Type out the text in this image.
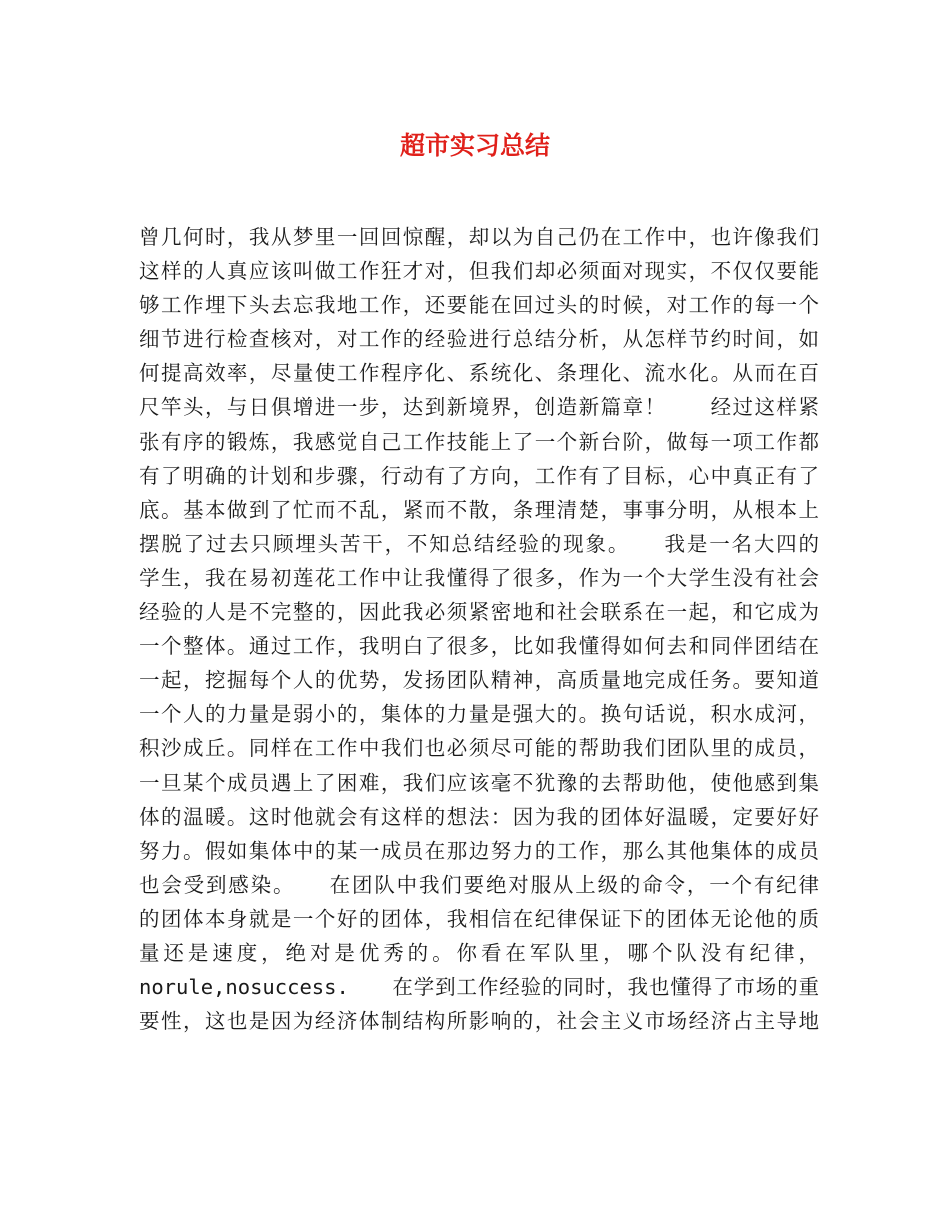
超市实习总结
曾几何时，我从梦里一回回惊醒，却以为自己仍在工作中，也许像我们
这样的人真应该叫做工作狂才对，但我们却必须面对现实，不仅仅要能
够工作埋下头去忘我地工作，还要能在回过头的时候，对工作的每一个
细节进行检查核对，对工作的经验进行总结分析，从怎样节约时间，如
何提高效率，尽量使工作程序化、系统化、条理化、流水化。从而在百
尺竿头，与日俱增进一步，达到新境界，创造新篇章！　　经过这样紧
张有序的锻炼，我感觉自己工作技能上了一个新台阶，做每一项工作都
有了明确的计划和步骤，行动有了方向，工作有了目标，心中真正有了
底。基本做到了忙而不乱，紧而不散，条理清楚，事事分明，从根本上
摆脱了过去只顾埋头苦干，不知总结经验的现象。　　我是一名大四的
学生，我在易初莲花工作中让我懂得了很多，作为一个大学生没有社会
经验的人是不完整的，因此我必须紧密地和社会联系在一起，和它成为
一个整体。通过工作，我明白了很多，比如我懂得如何去和同伴团结在
一起，挖掘每个人的优势，发扬团队精神，高质量地完成任务。要知道
一个人的力量是弱小的，集体的力量是强大的。换句话说，积水成河，
积沙成丘。同样在工作中我们也必须尽可能的帮助我们团队里的成员，
一旦某个成员遇上了困难，我们应该毫不犹豫的去帮助他，使他感到集
体的温暖。这时他就会有这样的想法：因为我的团体好温暖，定要好好
努力。假如集体中的某一成员在那边努力的工作，那么其他集体的成员
也会受到感染。　　在团队中我们要绝对服从上级的命令，一个有纪律
的团体本身就是一个好的团体，我相信在纪律保证下的团体无论他的质
量还是速度，绝对是优秀的。你看在军队里，哪个队没有纪律，
norule,nosuccess.　　在学到工作经验的同时，我也懂得了市场的重
要性，这也是因为经济体制结构所影响的，社会主义市场经济占主导地
